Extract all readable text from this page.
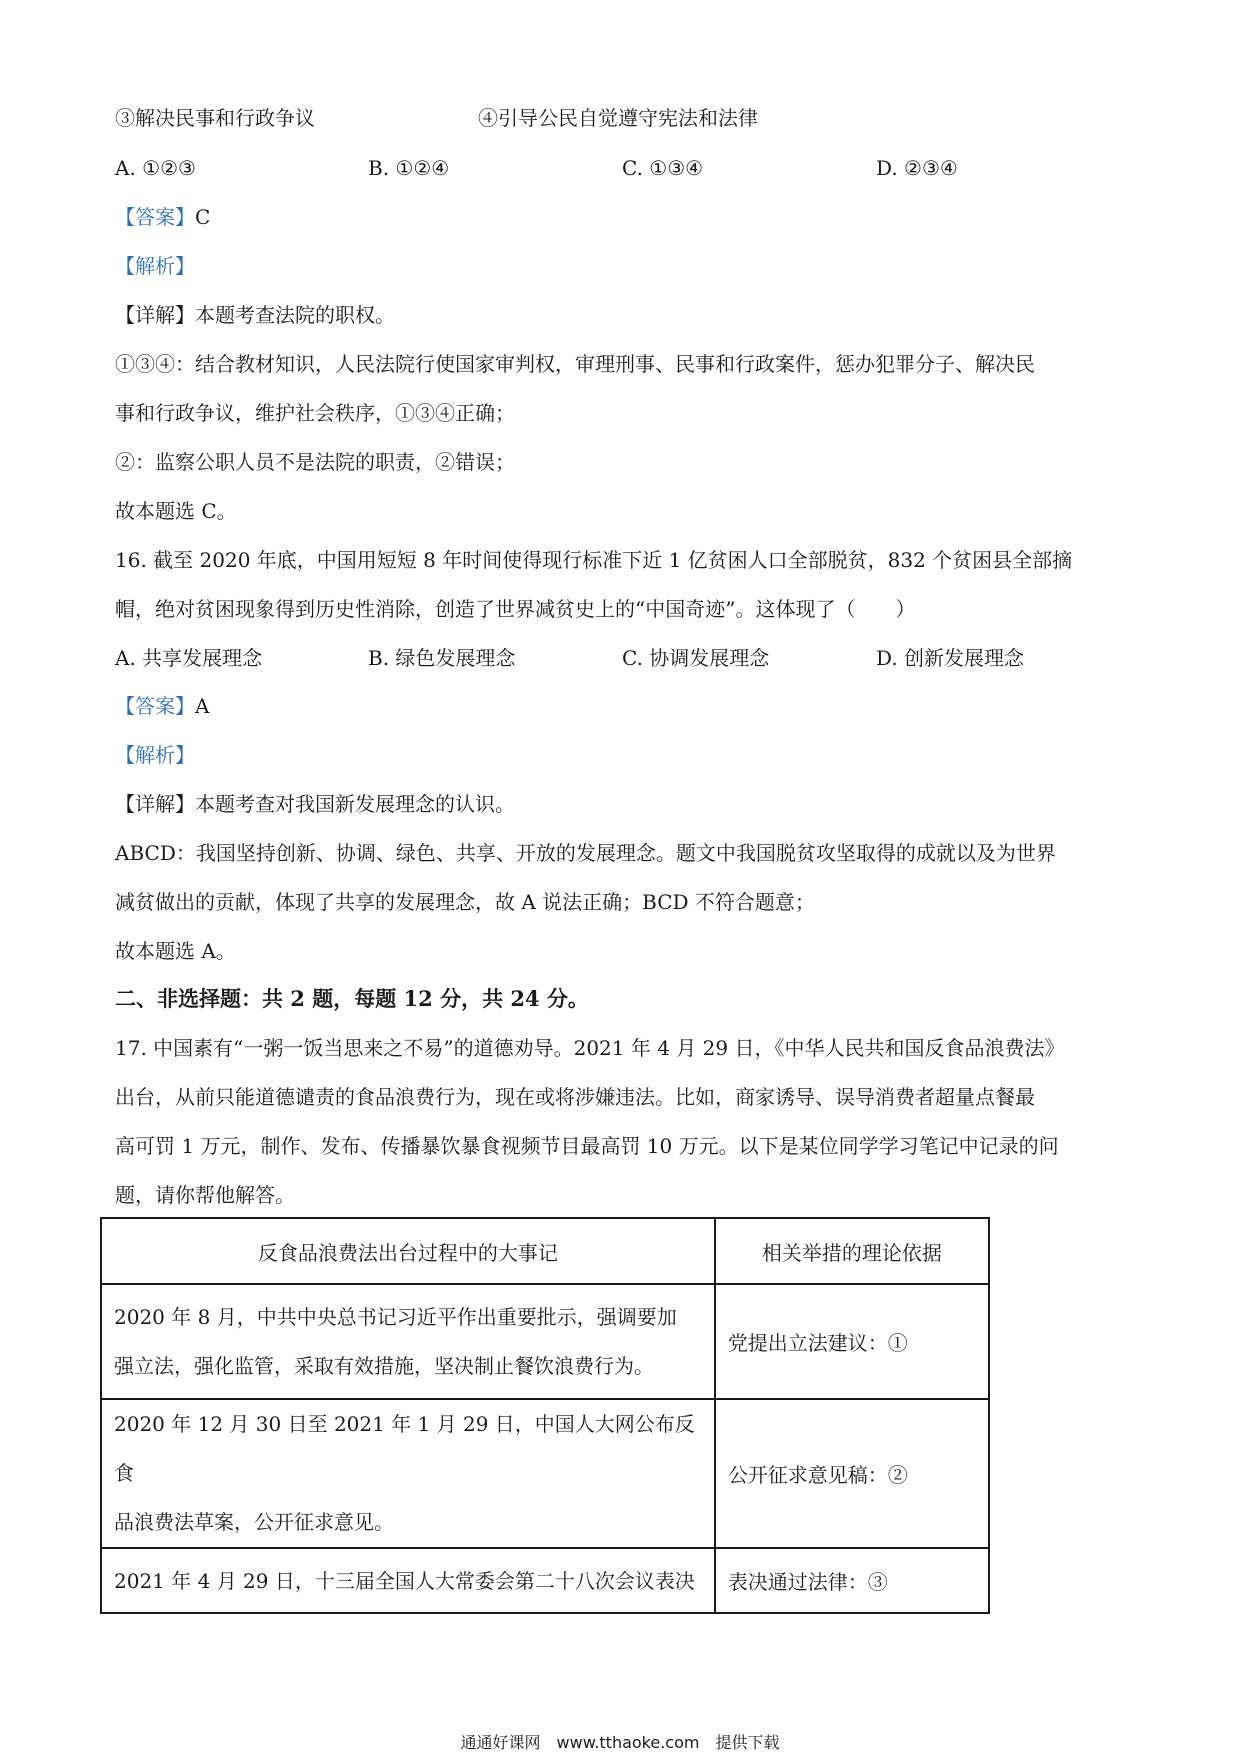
③解决民事和行政争议	④引导公民自觉遵守宪法和法律
A. ①②③	B. ①②④	C. ①③④	D. ②③④
【答案】C
【解析】
【详解】本题考查法院的职权。
①③④：结合教材知识，人民法院行使国家审判权，审理刑事、民事和行政案件，惩办犯罪分子、解决民
事和行政争议，维护社会秩序，①③④正确；
②：监察公职人员不是法院的职责，②错误；
故本题选 C。
16. 截至 2020 年底，中国用短短 8 年时间使得现行标准下近 1 亿贫困人口全部脱贫，832 个贫困县全部摘
帽，绝对贫困现象得到历史性消除，创造了世界减贫史上的“中国奇迹”。这体现了（　　）
A. 共享发展理念	B. 绿色发展理念	C. 协调发展理念	D. 创新发展理念
【答案】A
【解析】
【详解】本题考查对我国新发展理念的认识。
ABCD：我国坚持创新、协调、绿色、共享、开放的发展理念。题文中我国脱贫攻坚取得的成就以及为世界
减贫做出的贡献，体现了共享的发展理念，故 A 说法正确；BCD 不符合题意；
故本题选 A。
二、非选择题：共 2 题，每题 12 分，共 24 分。
17. 中国素有“一粥一饭当思来之不易”的道德劝导。2021 年 4 月 29 日，《中华人民共和国反食品浪费法》
出台，从前只能道德谴责的食品浪费行为，现在或将涉嫌违法。比如，商家诱导、误导消费者超量点餐最
高可罚 1 万元，制作、发布、传播暴饮暴食视频节目最高罚 10 万元。以下是某位同学学习笔记中记录的问
题，请你帮他解答。
反食品浪费法出台过程中的大事记	相关举措的理论依据
2020 年 8 月，中共中央总书记习近平作出重要批示，强调要加
强立法，强化监管，采取有效措施，坚决制止餐饮浪费行为。	党提出立法建议：①
2020 年 12 月 30 日至 2021 年 1 月 29 日，中国人大网公布反食
品浪费法草案，公开征求意见。	公开征求意见稿：②
2021 年 4 月 29 日，十三届全国人大常委会第二十八次会议表决	表决通过法律：③
通通好课网　www.tthaoke.com　提供下载
